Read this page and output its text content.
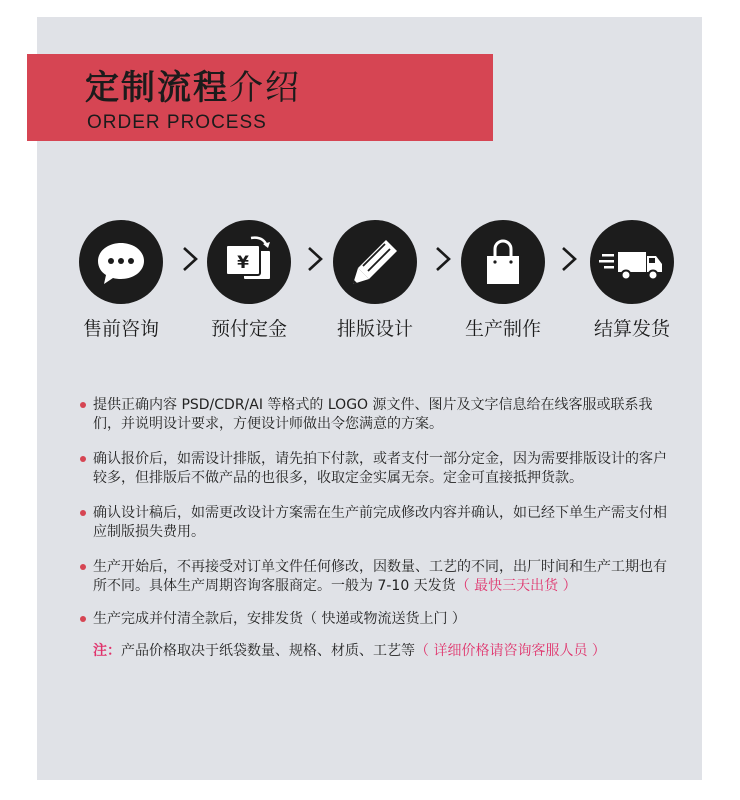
定制流程介绍

ORDER PROCESS

售前咨询
¥
预付定金	排版设计	生产制作	结算发货
提供正确内容 PSD/CDR/AI 等格式的 LOGO 源文件、图片及文字信息给在线客服或联系我们，并说明设计要求，方便设计师做出令您满意的方案。
确认报价后，如需设计排版，请先拍下付款，或者支付一部分定金，因为需要排版设计的客户较多，但排版后不做产品的也很多，收取定金实属无奈。定金可直接抵押货款。
确认设计稿后，如需更改设计方案需在生产前完成修改内容并确认，如已经下单生产需支付相应制版损失费用。
生产开始后，不再接受对订单文件任何修改，因数量、工艺的不同，出厂时间和生产工期也有所不同。具体生产周期咨询客服商定。一般为 7-10 天发货（ 最快三天出货 ）
生产完成并付清全款后，安排发货（ 快递或物流送货上门 ）
注：产品价格取决于纸袋数量、规格、材质、工艺等（ 详细价格请咨询客服人员 ）
